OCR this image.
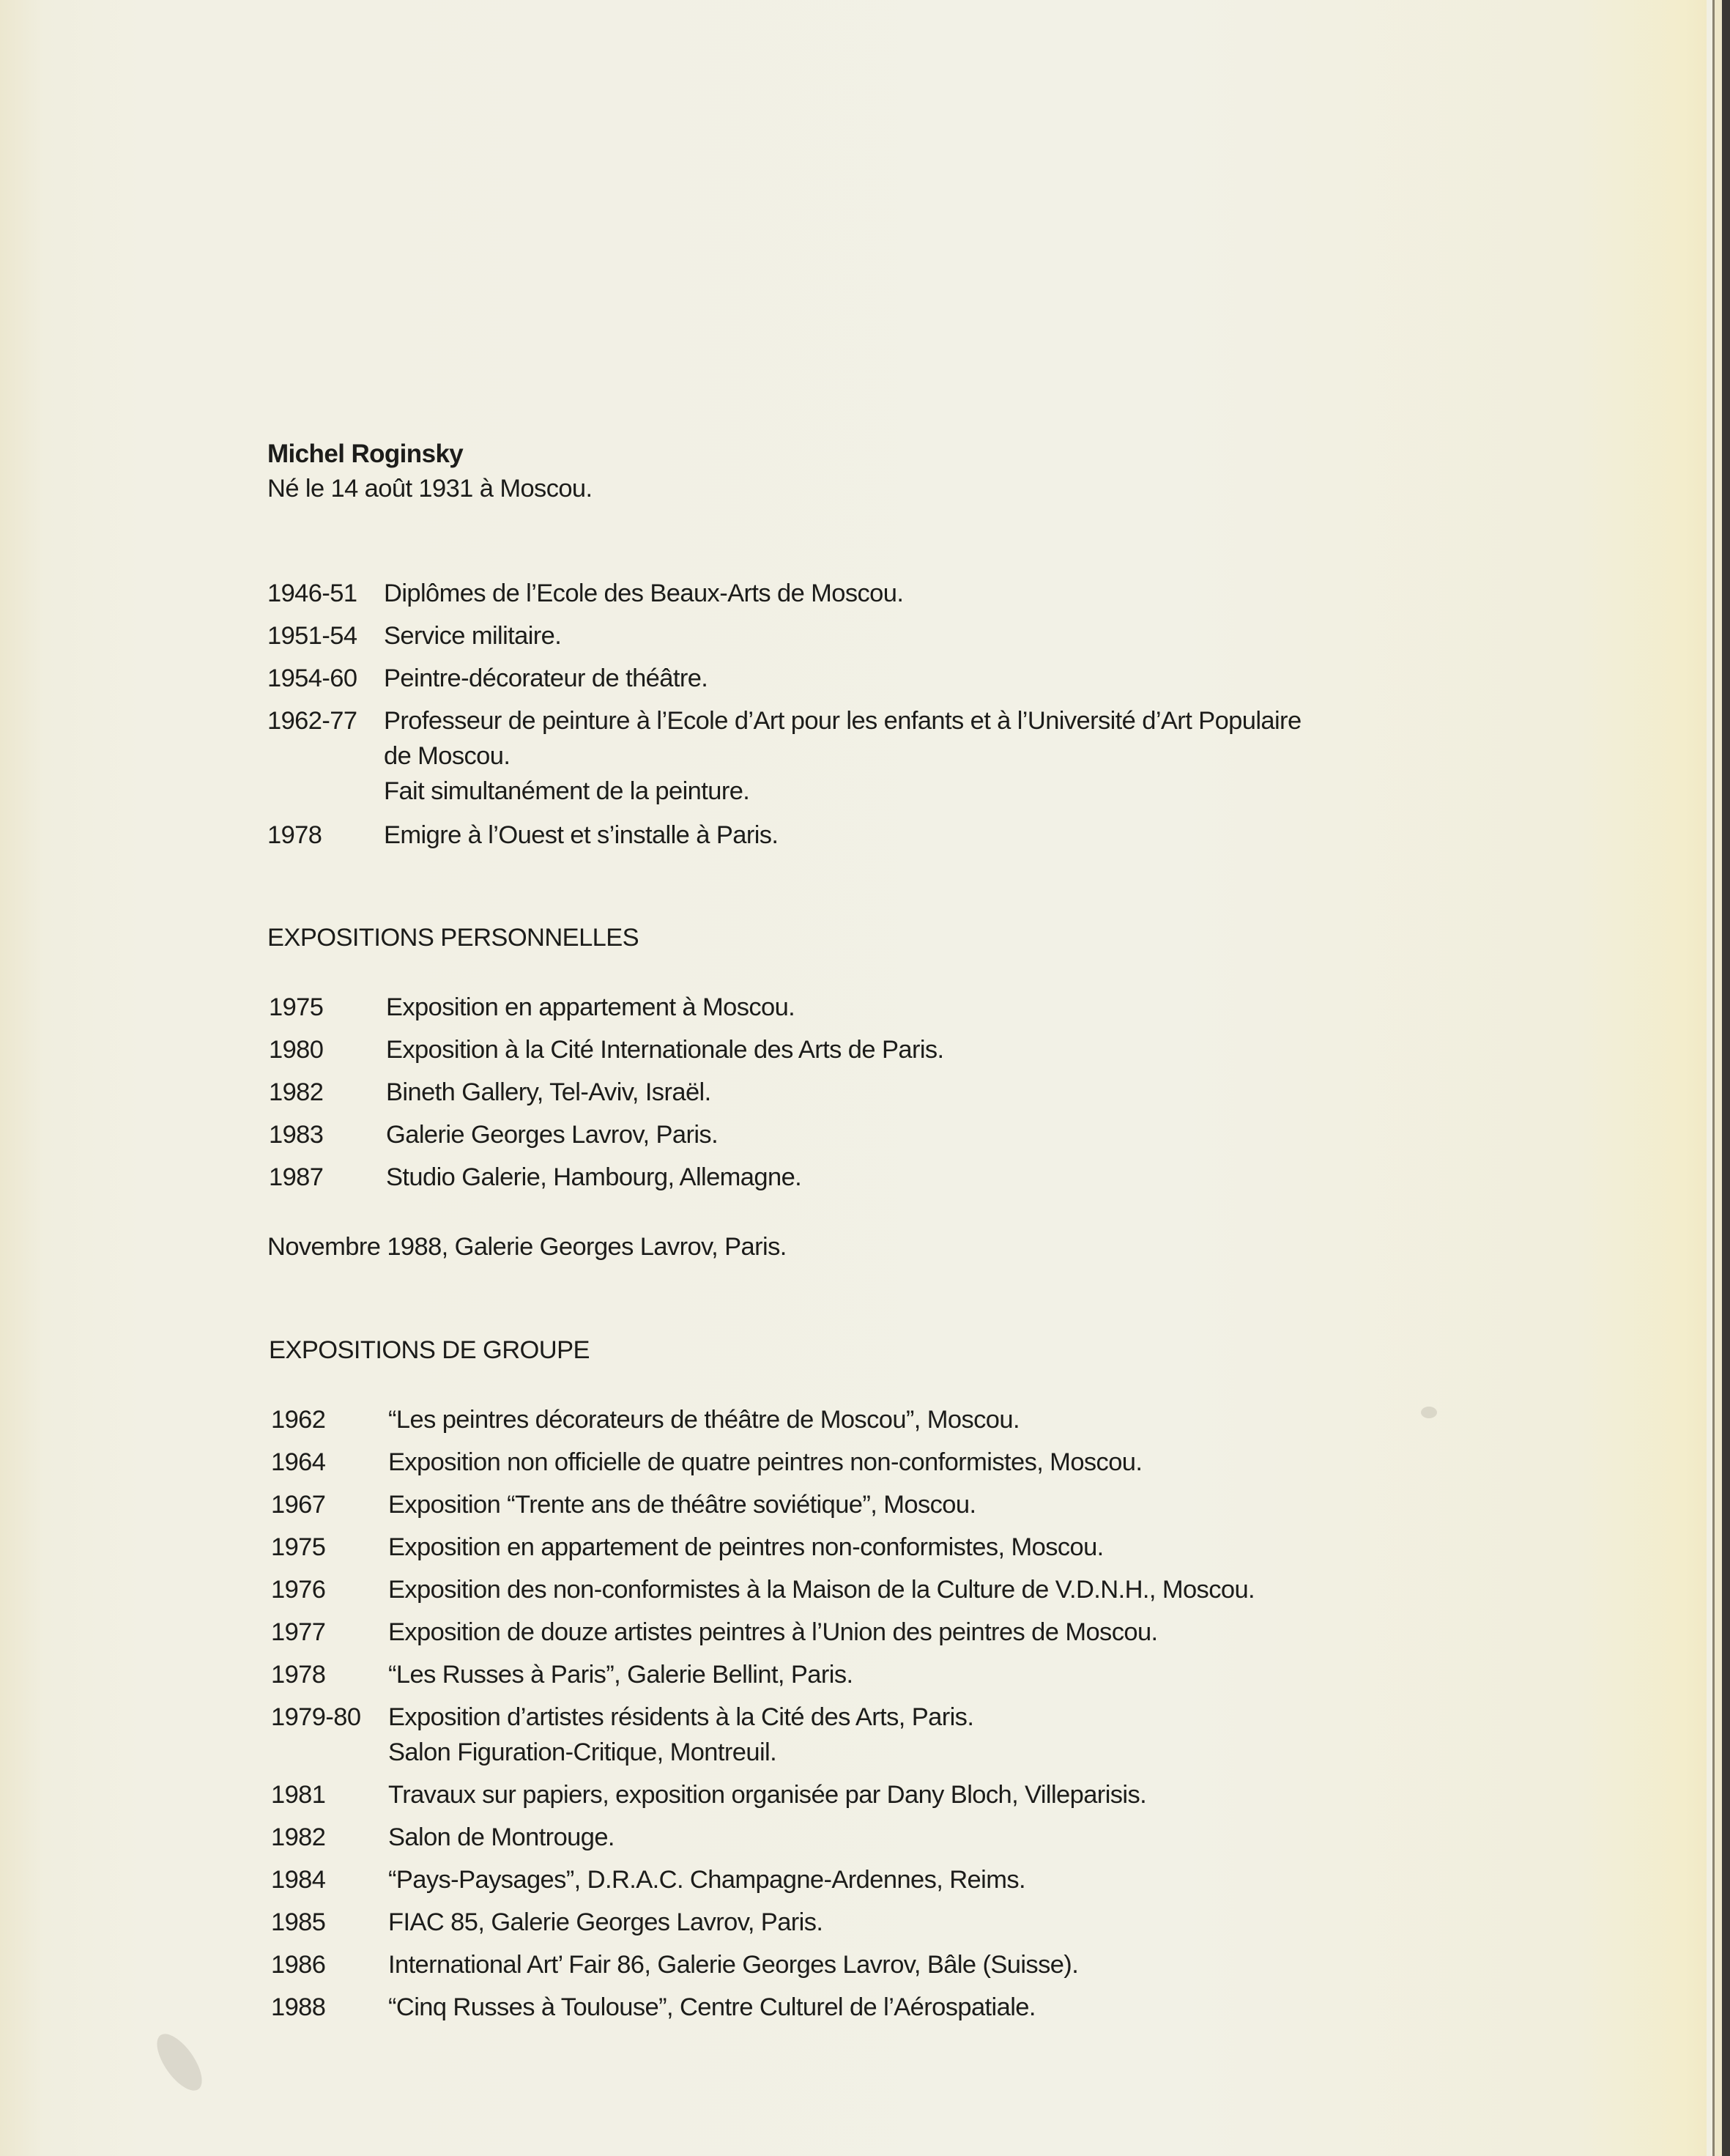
Michel Roginsky
Né le 14 août 1931 à Moscou.
1946-51 Diplômes de l’Ecole des Beaux-Arts de Moscou.
1951-54 Service militaire.
1954-60 Peintre-décorateur de théâtre.
1962-77 Professeur de peinture à l’Ecole d’Art pour les enfants et à l’Université d’Art Populaire
de Moscou.
Fait simultanément de la peinture.
1978 Emigre à l’Ouest et s’installe à Paris.
EXPOSITIONS PERSONNELLES
1975 Exposition en appartement à Moscou.
1980 Exposition à la Cité Internationale des Arts de Paris.
1982 Bineth Gallery, Tel-Aviv, Israël.
1983 Galerie Georges Lavrov, Paris.
1987 Studio Galerie, Hambourg, Allemagne.
Novembre 1988, Galerie Georges Lavrov, Paris.
EXPOSITIONS DE GROUPE
1962 “Les peintres décorateurs de théâtre de Moscou”, Moscou.
1964 Exposition non officielle de quatre peintres non-conformistes, Moscou.
1967 Exposition “Trente ans de théâtre soviétique”, Moscou.
1975 Exposition en appartement de peintres non-conformistes, Moscou.
1976 Exposition des non-conformistes à la Maison de la Culture de V.D.N.H., Moscou.
1977 Exposition de douze artistes peintres à l’Union des peintres de Moscou.
1978 “Les Russes à Paris”, Galerie Bellint, Paris.
1979-80 Exposition d’artistes résidents à la Cité des Arts, Paris.
Salon Figuration-Critique, Montreuil.
1981 Travaux sur papiers, exposition organisée par Dany Bloch, Villeparisis.
1982 Salon de Montrouge.
1984 “Pays-Paysages”, D.R.A.C. Champagne-Ardennes, Reims.
1985 FIAC 85, Galerie Georges Lavrov, Paris.
1986 International Art’ Fair 86, Galerie Georges Lavrov, Bâle (Suisse).
1988 “Cinq Russes à Toulouse”, Centre Culturel de l’Aérospatiale.
